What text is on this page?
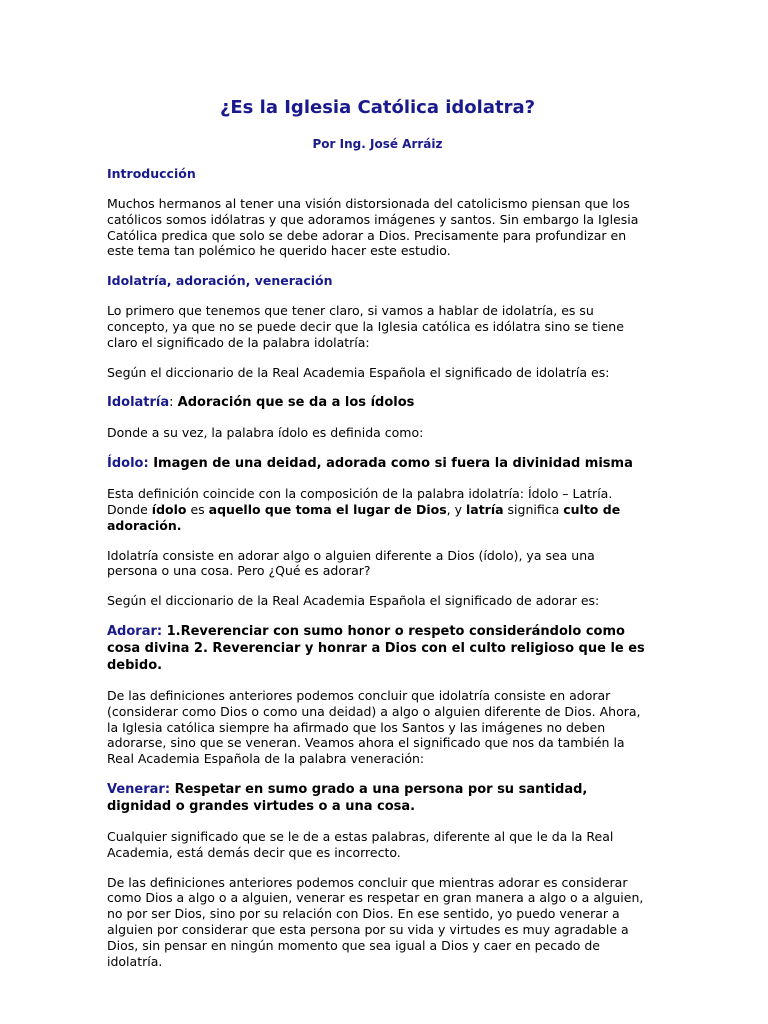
¿Es la Iglesia Católica idolatra?
Por Ing. José Arráiz
Introducción

Muchos hermanos al tener una visión distorsionada del catolicismo piensan que los católicos somos idólatras y que adoramos imágenes y santos. Sin embargo la Iglesia Católica predica que solo se debe adorar a Dios. Precisamente para profundizar en este tema tan polémico he querido hacer este estudio.

Idolatría, adoración, veneración

Lo primero que tenemos que tener claro, si vamos a hablar de idolatría, es su concepto, ya que no se puede decir que la Iglesia católica es idólatra sino se tiene claro el significado de la palabra idolatría:

Según el diccionario de la Real Academia Española el significado de idolatría es:

Idolatría: Adoración que se da a los ídolos

Donde a su vez, la palabra ídolo es definida como:

Ídolo: Imagen de una deidad, adorada como si fuera la divinidad misma

Esta definición coincide con la composición de la palabra idolatría: Ídolo – Latría. Donde ídolo es aquello que toma el lugar de Dios, y latría significa culto de adoración.

Idolatría consiste en adorar algo o alguien diferente a Dios (ídolo), ya sea una persona o una cosa. Pero ¿Qué es adorar?

Según el diccionario de la Real Academia Española el significado de adorar es:

Adorar: 1.Reverenciar con sumo honor o respeto considerándolo como cosa divina 2. Reverenciar y honrar a Dios con el culto religioso que le es debido.

De las definiciones anteriores podemos concluir que idolatría consiste en adorar (considerar como Dios o como una deidad) a algo o alguien diferente de Dios. Ahora, la Iglesia católica siempre ha afirmado que los Santos y las imágenes no deben adorarse, sino que se veneran. Veamos ahora el significado que nos da también la Real Academia Española de la palabra veneración:

Venerar: Respetar en sumo grado a una persona por su santidad, dignidad o grandes virtudes o a una cosa.

Cualquier significado que se le de a estas palabras, diferente al que le da la Real Academia, está demás decir que es incorrecto.

De las definiciones anteriores podemos concluir que mientras adorar es considerar como Dios a algo o a alguien, venerar es respetar en gran manera a algo o a alguien, no por ser Dios, sino por su relación con Dios. En ese sentido, yo puedo venerar a alguien por considerar que esta persona por su vida y virtudes es muy agradable a Dios, sin pensar en ningún momento que sea igual a Dios y caer en pecado de idolatría.
